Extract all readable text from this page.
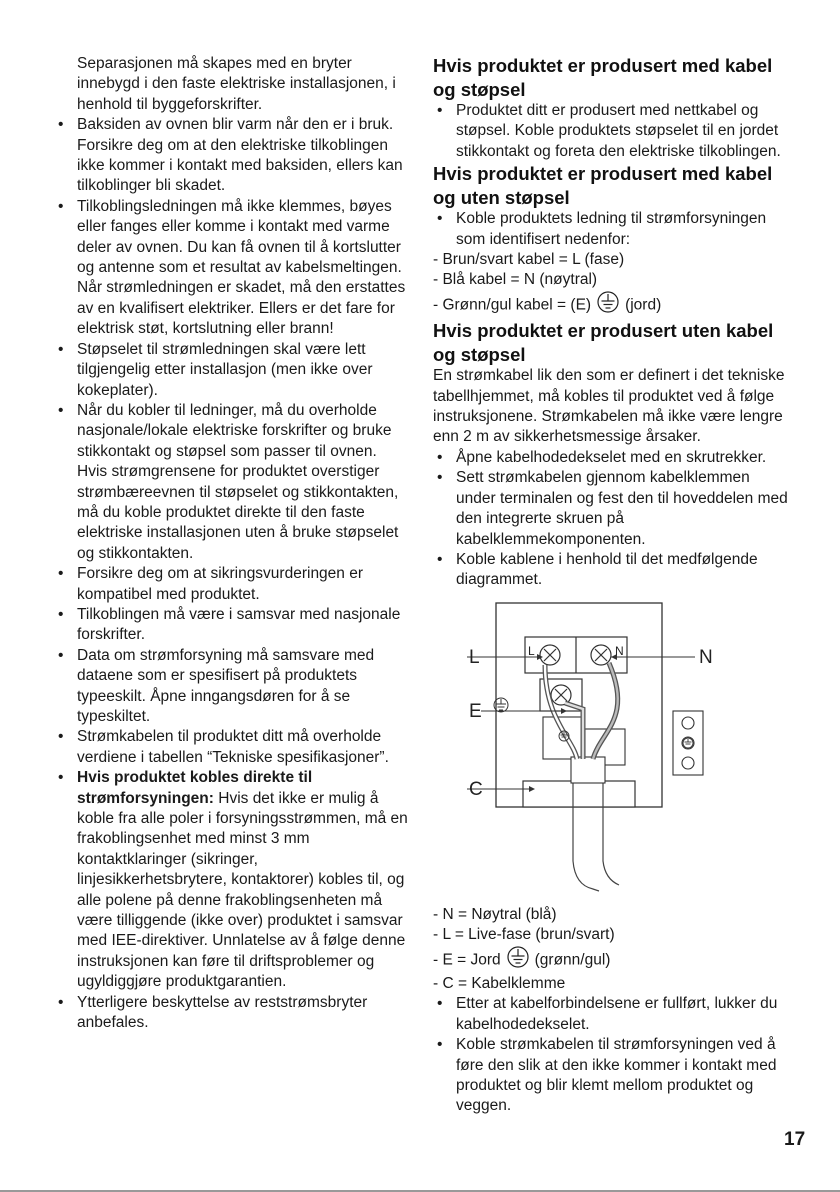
Separasjonen må skapes med en bryter innebygd i den faste elektriske installasjonen, i henhold til byggeforskrifter.

• Baksiden av ovnen blir varm når den er i bruk. Forsikre deg om at den elektriske tilkoblingen ikke kommer i kontakt med baksiden, ellers kan tilkoblinger bli skadet.
• Tilkoblingsledningen må ikke klemmes, bøyes eller fanges eller komme i kontakt med varme deler av ovnen. Du kan få ovnen til å kortslutter og antenne som et resultat av kabelsmeltingen. Når strømledningen er skadet, må den erstattes av en kvalifisert elektriker. Ellers er det fare for elektrisk støt, kortslutning eller brann!
• Støpselet til strømledningen skal være lett tilgjengelig etter installasjon (men ikke over kokeplater).
• Når du kobler til ledninger, må du overholde nasjonale/lokale elektriske forskrifter og bruke stikkontakt og støpsel som passer til ovnen. Hvis strømgrensene for produktet overstiger strømbæreevnen til støpselet og stikkontakten, må du koble produktet direkte til den faste elektriske installasjonen uten å bruke støpselet og stikkontakten.
• Forsikre deg om at sikringsvurderingen er kompatibel med produktet.
• Tilkoblingen må være i samsvar med nasjonale forskrifter.
• Data om strømforsyning må samsvare med dataene som er spesifisert på produktets typeeskilt. Åpne inngangsdøren for å se typeskiltet.
• Strømkabelen til produktet ditt må overholde verdiene i tabellen “Tekniske spesifikasjoner”.
• Hvis produktet kobles direkte til strømforsyningen: Hvis det ikke er mulig å koble fra alle poler i forsyningsstrømmen, må en frakoblingsenhet med minst 3 mm kontaktklaringer (sikringer, linjesikkerhetsbrytere, kontaktorer) kobles til, og alle polene på denne frakoblingsenheten må være tilliggende (ikke over) produktet i samsvar med IEE-direktiver. Unnlatelse av å følge denne instruksjonen kan føre til driftsproblemer og ugyldiggjøre produktgarantien.
• Ytterligere beskyttelse av reststrømsbryter anbefales.
Hvis produktet er produsert med kabel og støpsel
• Produktet ditt er produsert med nettkabel og støpsel. Koble produktets støpselet til en jordet stikkontakt og foreta den elektriske tilkoblingen.
Hvis produktet er produsert med kabel og uten støpsel
• Koble produktets ledning til strømforsyningen som identifisert nedenfor:

- Brun/svart kabel = L (fase)

- Blå kabel = N (nøytral)

- Grønn/gul kabel = (E) (jord)

Hvis produktet er produsert uten kabel og støpsel

En strømkabel lik den som er definert i det tekniske tabellhjemmet, må kobles til produktet ved å følge instruksjonene. Strømkabelen må ikke være lengre enn 2 m av sikkerhetsmessige årsaker.

• Åpne kabelhodedekselet med en skrutrekker.
• Sett strømkabelen gjennom kabelklemmen under terminalen og fest den til hoveddelen med den integrerte skruen på kabelklemmekomponenten.
• Koble kablene i henhold til det medfølgende diagrammet.
L
E
C
N
L	N

- N = Nøytral (blå)

- L = Live-fase (brun/svart)

- E = Jord (grønn/gul)

- C = Kabelklemme

• Etter at kabelforbindelsene er fullført, lukker du kabelhodedekselet.
• Koble strømkabelen til strømforsyningen ved å føre den slik at den ikke kommer i kontakt med produktet og blir klemt mellom produktet og veggen.
17
